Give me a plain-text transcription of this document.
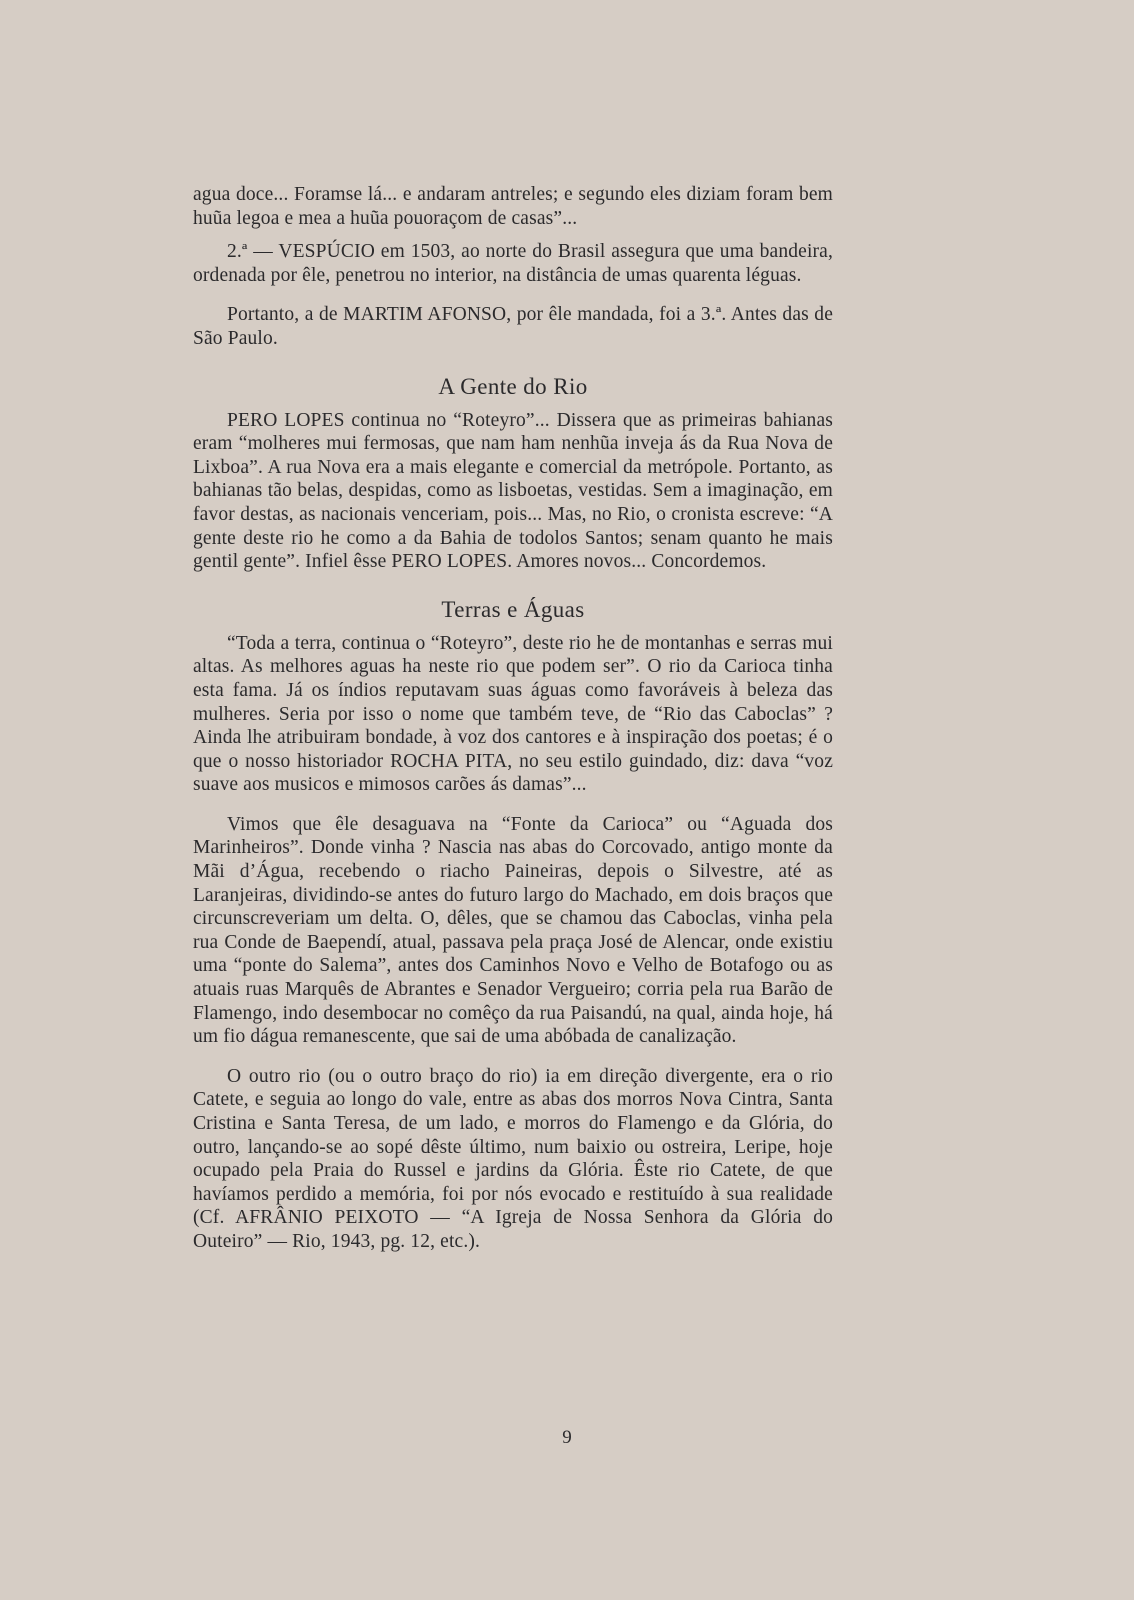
agua doce... Foramse lá... e andaram antreles; e segundo eles diziam foram bem huũa legoa e mea a huũa pouoraçom de casas”...

2.ª — VESPÚCIO em 1503, ao norte do Brasil assegura que uma bandeira, ordenada por êle, penetrou no interior, na distância de umas quarenta léguas.

Portanto, a de MARTIM AFONSO, por êle mandada, foi a 3.ª. Antes das de São Paulo.

A Gente do Rio

PERO LOPES continua no “Roteyro”... Dissera que as primeiras bahianas eram “molheres mui fermosas, que nam ham nenhũa inveja ás da Rua Nova de Lixboa”. A rua Nova era a mais elegante e comercial da metrópole. Portanto, as bahianas tão belas, despidas, como as lisboetas, vestidas. Sem a imaginação, em favor destas, as nacionais venceriam, pois... Mas, no Rio, o cronista escreve: “A gente deste rio he como a da Bahia de todolos Santos; senam quanto he mais gentil gente”. Infiel êsse PERO LOPES. Amores novos... Concordemos.

Terras e Águas

“Toda a terra, continua o “Roteyro”, deste rio he de montanhas e serras mui altas. As melhores aguas ha neste rio que podem ser”. O rio da Carioca tinha esta fama. Já os índios reputavam suas águas como favoráveis à beleza das mulheres. Seria por isso o nome que também teve, de “Rio das Caboclas” ? Ainda lhe atribuiram bondade, à voz dos cantores e à inspiração dos poetas; é o que o nosso historiador ROCHA PITA, no seu estilo guindado, diz: dava “voz suave aos musicos e mimosos carões ás damas”...

Vimos que êle desaguava na “Fonte da Carioca” ou “Aguada dos Marinheiros”. Donde vinha ? Nascia nas abas do Corcovado, antigo monte da Mãi d’Água, recebendo o riacho Paineiras, depois o Silvestre, até as Laranjeiras, dividindo-se antes do futuro largo do Machado, em dois braços que circunscreveriam um delta. O, dêles, que se chamou das Caboclas, vinha pela rua Conde de Baependí, atual, passava pela praça José de Alencar, onde existiu uma “ponte do Salema”, antes dos Caminhos Novo e Velho de Botafogo ou as atuais ruas Marquês de Abrantes e Senador Vergueiro; corria pela rua Barão de Flamengo, indo desembocar no comêço da rua Paisandú, na qual, ainda hoje, há um fio dágua remanescente, que sai de uma abóbada de canalização.

O outro rio (ou o outro braço do rio) ia em direção divergente, era o rio Catete, e seguia ao longo do vale, entre as abas dos morros Nova Cintra, Santa Cristina e Santa Teresa, de um lado, e morros do Flamengo e da Glória, do outro, lançando-se ao sopé dêste último, num baixio ou ostreira, Leripe, hoje ocupado pela Praia do Russel e jardins da Glória. Êste rio Catete, de que havíamos perdido a memória, foi por nós evocado e restituído à sua realidade (Cf. AFRÂNIO PEIXOTO — “A Igreja de Nossa Senhora da Glória do Outeiro” — Rio, 1943, pg. 12, etc.).

9
